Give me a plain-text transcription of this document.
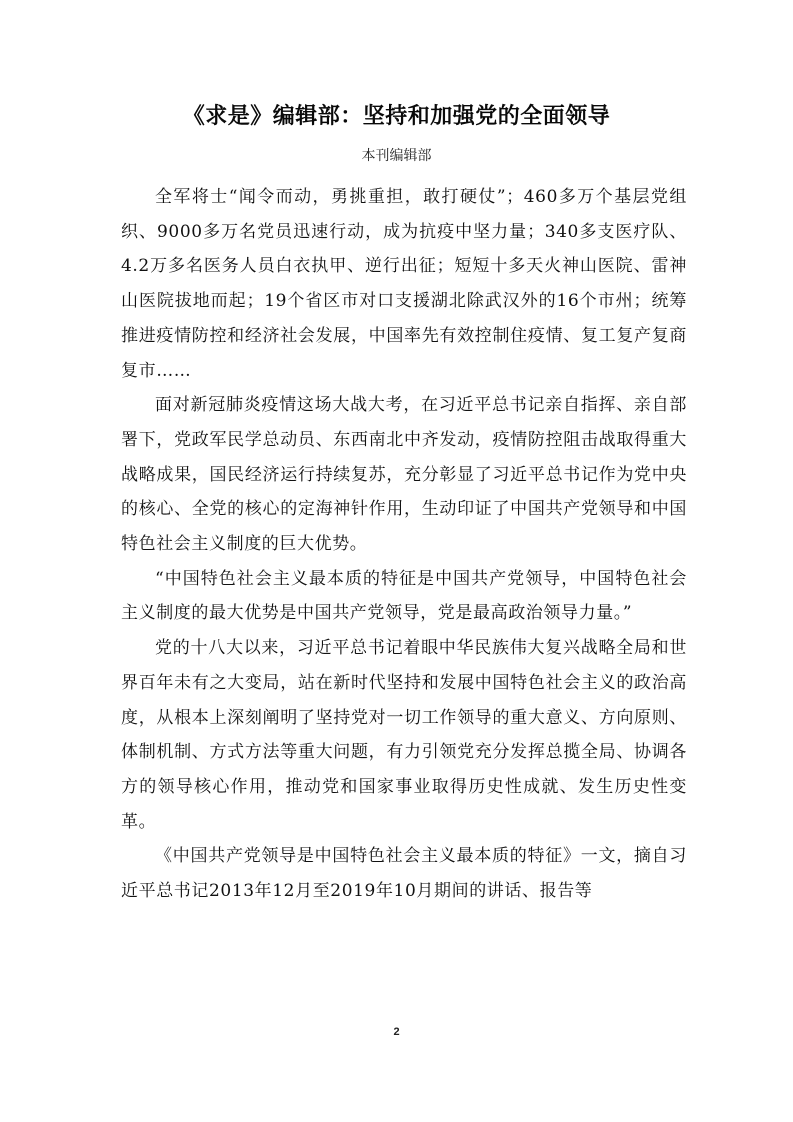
《求是》编辑部：坚持和加强党的全面领导
本刊编辑部

全军将士“闻令而动，勇挑重担，敢打硬仗”；460多万个基层党组织、9000多万名党员迅速行动，成为抗疫中坚力量；340多支医疗队、4.2万多名医务人员白衣执甲、逆行出征；短短十多天火神山医院、雷神山医院拔地而起；19个省区市对口支援湖北除武汉外的16个市州；统筹推进疫情防控和经济社会发展，中国率先有效控制住疫情、复工复产复商复市……

面对新冠肺炎疫情这场大战大考，在习近平总书记亲自指挥、亲自部署下，党政军民学总动员、东西南北中齐发动，疫情防控阻击战取得重大战略成果，国民经济运行持续复苏，充分彰显了习近平总书记作为党中央的核心、全党的核心的定海神针作用，生动印证了中国共产党领导和中国特色社会主义制度的巨大优势。

“中国特色社会主义最本质的特征是中国共产党领导，中国特色社会主义制度的最大优势是中国共产党领导，党是最高政治领导力量。”

党的十八大以来，习近平总书记着眼中华民族伟大复兴战略全局和世界百年未有之大变局，站在新时代坚持和发展中国特色社会主义的政治高度，从根本上深刻阐明了坚持党对一切工作领导的重大意义、方向原则、体制机制、方式方法等重大问题，有力引领党充分发挥总揽全局、协调各方的领导核心作用，推动党和国家事业取得历史性成就、发生历史性变革。

《中国共产党领导是中国特色社会主义最本质的特征》一文，摘自习近平总书记2013年12月至2019年10月期间的讲话、报告等

2
